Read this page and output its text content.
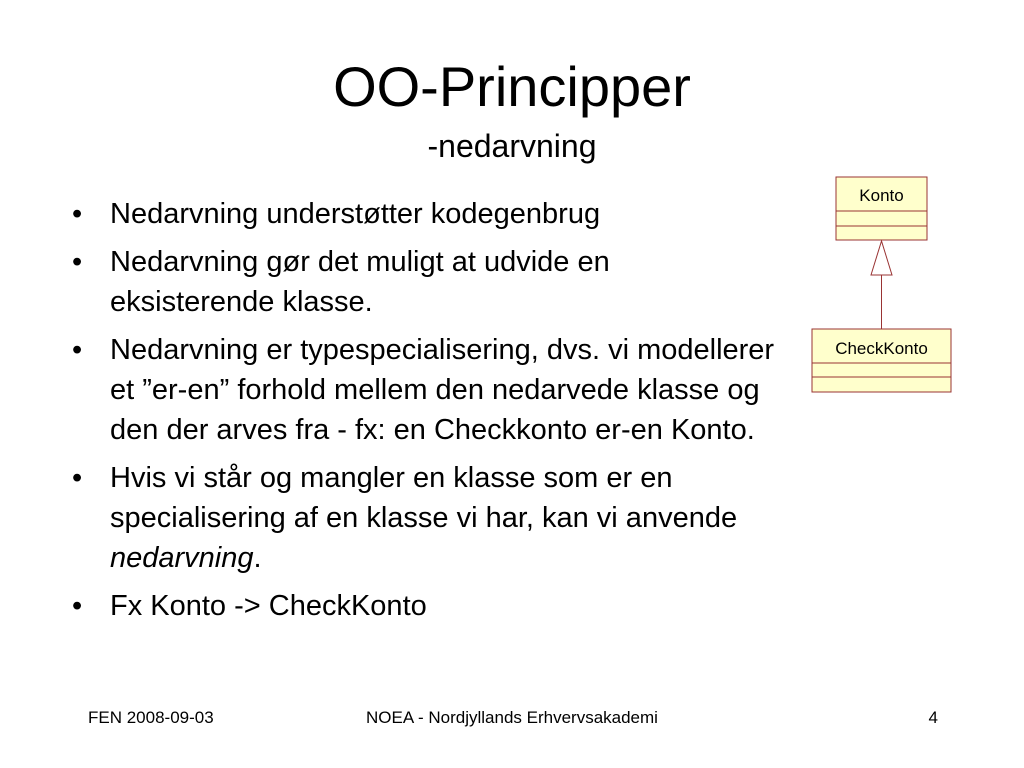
OO-Principper
-nedarvning
• Nedarvning understøtter kodegenbrug
• Nedarvning gør det muligt at udvide en eksisterende klasse.
• Nedarvning er typespecialisering, dvs. vi modellerer et ”er-en” forhold mellem den nedarvede klasse og den der arves fra - fx: en Checkkonto er-en Konto.
• Hvis vi står og mangler en klasse som er en specialisering af en klasse vi har, kan vi anvende nedarvning.
• Fx Konto -> CheckKonto
Konto
CheckKonto
FEN 2008-09-03	NOEA - Nordjyllands Erhvervsakademi	4
